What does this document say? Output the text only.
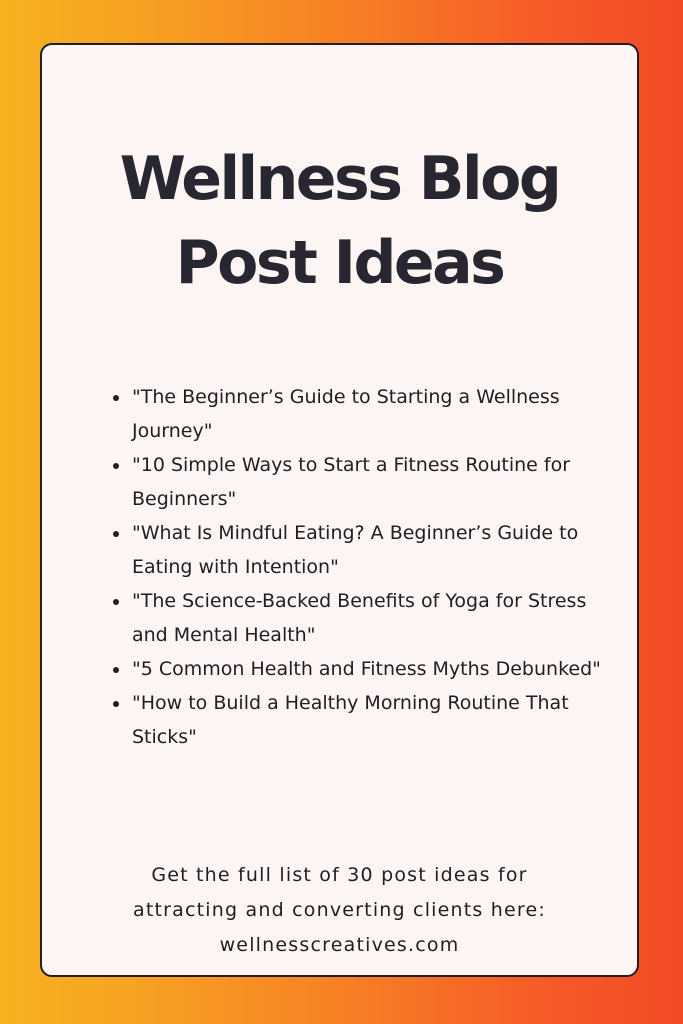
Wellness Blog
Post Ideas
"The Beginner’s Guide to Starting a Wellness Journey"
"10 Simple Ways to Start a Fitness Routine for Beginners"
"What Is Mindful Eating? A Beginner’s Guide to Eating with Intention"
"The Science-Backed Benefits of Yoga for Stress and Mental Health"
"5 Common Health and Fitness Myths Debunked"
"How to Build a Healthy Morning Routine That Sticks"
Get the full list of 30 post ideas for
attracting and converting clients here:
wellnesscreatives.com
